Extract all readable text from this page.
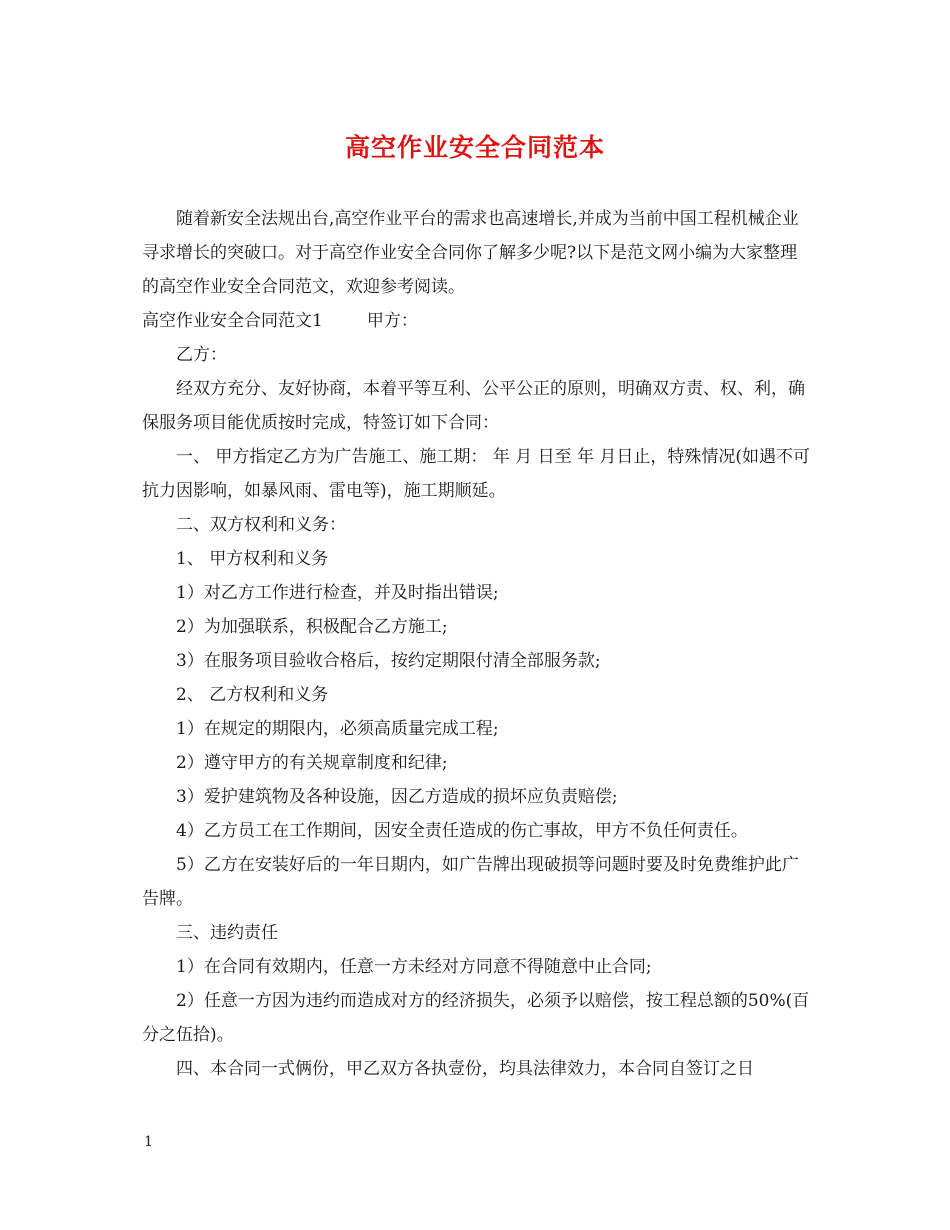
高空作业安全合同范本

随着新安全法规出台,高空作业平台的需求也高速增长,并成为当前中国工程机械企业寻求增长的突破口。对于高空作业安全合同你了解多少呢?以下是范文网小编为大家整理的高空作业安全合同范文，欢迎参考阅读。

高空作业安全合同范文1	甲方：

乙方：

经双方充分、友好协商，本着平等互利、公平公正的原则，明确双方责、权、利，确保服务项目能优质按时完成，特签订如下合同：

一、 甲方指定乙方为广告施工、施工期： 年 月 日至 年 月日止，特殊情况(如遇不可抗力因影响，如暴风雨、雷电等)，施工期顺延。

二、双方权利和义务：

1、 甲方权利和义务

1）对乙方工作进行检查，并及时指出错误;

2）为加强联系，积极配合乙方施工;

3）在服务项目验收合格后，按约定期限付清全部服务款;

2、 乙方权利和义务

1）在规定的期限内，必须高质量完成工程;

2）遵守甲方的有关规章制度和纪律;

3）爱护建筑物及各种设施，因乙方造成的损坏应负责赔偿;

4）乙方员工在工作期间，因安全责任造成的伤亡事故，甲方不负任何责任。

5）乙方在安装好后的一年日期内，如广告牌出现破损等问题时要及时免费维护此广告牌。

三、违约责任

1）在合同有效期内，任意一方未经对方同意不得随意中止合同;

2）任意一方因为违约而造成对方的经济损失，必须予以赔偿，按工程总额的50%(百分之伍拾)。

四、本合同一式俩份，甲乙双方各执壹份，均具法律效力，本合同自签订之日

1
